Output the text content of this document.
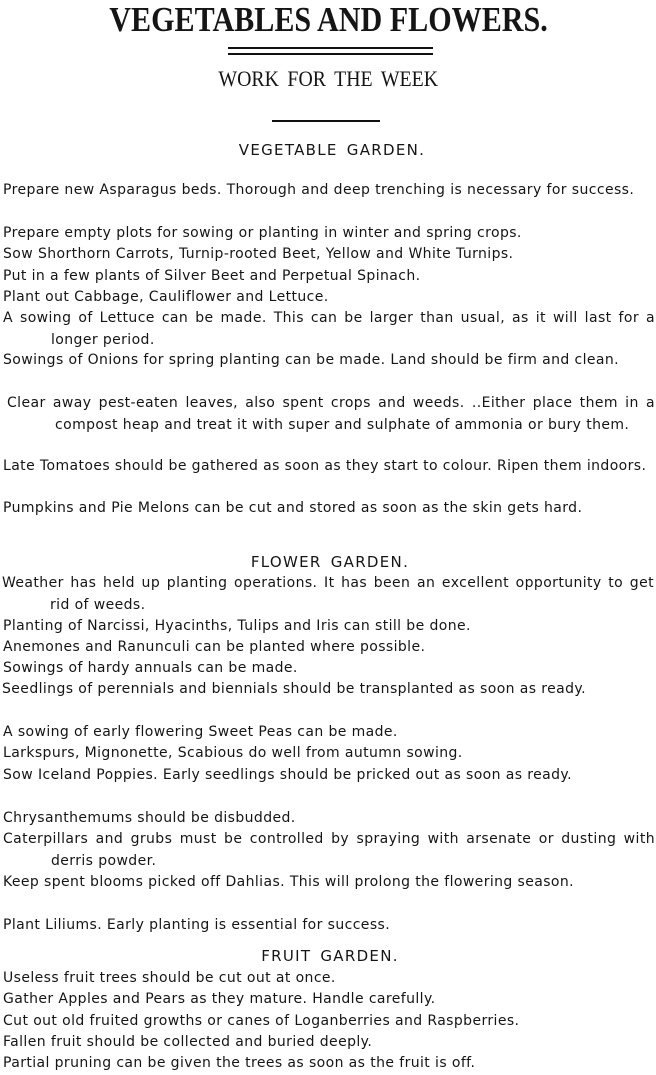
VEGETABLES AND FLOWERS.
WORK FOR THE WEEK
VEGETABLE GARDEN.
Prepare new Asparagus beds. Thorough and deep trenching is necessary for success.
Prepare empty plots for sowing or planting in winter and spring crops.
Sow Shorthorn Carrots, Turnip-rooted Beet, Yellow and White Turnips.
Put in a few plants of Silver Beet and Perpetual Spinach.
Plant out Cabbage, Cauliflower and Lettuce.
A sowing of Lettuce can be made. This can be larger than usual, as it will last for a longer period.
Sowings of Onions for spring planting can be made. Land should be firm and clean.
Clear away pest-eaten leaves, also spent crops and weeds. ..Either place them in a compost heap and treat it with super and sulphate of ammonia or bury them.
Late Tomatoes should be gathered as soon as they start to colour. Ripen them indoors.
Pumpkins and Pie Melons can be cut and stored as soon as the skin gets hard.
FLOWER GARDEN.
Weather has held up planting operations. It has been an excellent opportunity to get rid of weeds.
Planting of Narcissi, Hyacinths, Tulips and Iris can still be done.
Anemones and Ranunculi can be planted where possible.
Sowings of hardy annuals can be made.
Seedlings of perennials and biennials should be transplanted as soon as ready.
A sowing of early flowering Sweet Peas can be made.
Larkspurs, Mignonette, Scabious do well from autumn sowing.
Sow Iceland Poppies. Early seedlings should be pricked out as soon as ready.
Chrysanthemums should be disbudded.
Caterpillars and grubs must be controlled by spraying with arsenate or dusting with derris powder.
Keep spent blooms picked off Dahlias. This will prolong the flowering season.
Plant Liliums. Early planting is essential for success.
FRUIT GARDEN.
Useless fruit trees should be cut out at once.
Gather Apples and Pears as they mature. Handle carefully.
Cut out old fruited growths or canes of Loganberries and Raspberries.
Fallen fruit should be collected and buried deeply.
Partial pruning can be given the trees as soon as the fruit is off.
